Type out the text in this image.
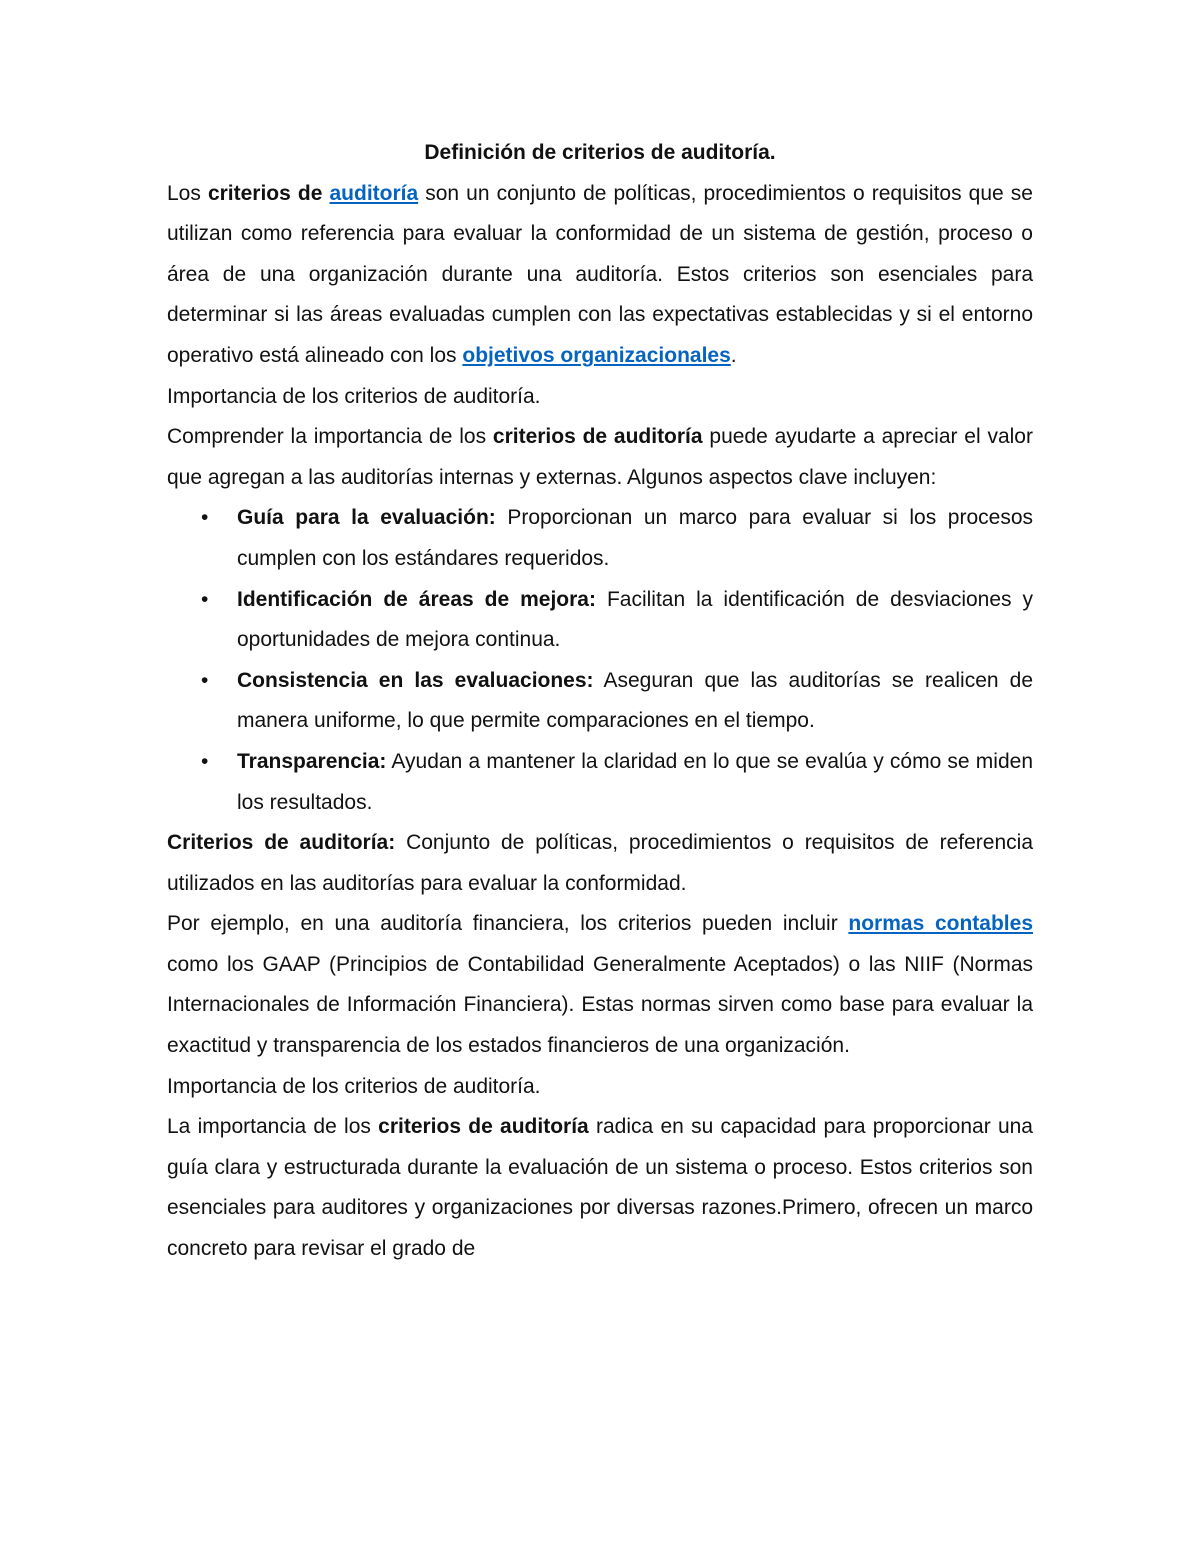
Definición de criterios de auditoría.

Los criterios de auditoría son un conjunto de políticas, procedimientos o requisitos que se utilizan como referencia para evaluar la conformidad de un sistema de gestión, proceso o área de una organización durante una auditoría. Estos criterios son esenciales para determinar si las áreas evaluadas cumplen con las expectativas establecidas y si el entorno operativo está alineado con los objetivos organizacionales.

Importancia de los criterios de auditoría.

Comprender la importancia de los criterios de auditoría puede ayudarte a apreciar el valor que agregan a las auditorías internas y externas. Algunos aspectos clave incluyen:

• Guía para la evaluación: Proporcionan un marco para evaluar si los procesos cumplen con los estándares requeridos.
• Identificación de áreas de mejora: Facilitan la identificación de desviaciones y oportunidades de mejora continua.
• Consistencia en las evaluaciones: Aseguran que las auditorías se realicen de manera uniforme, lo que permite comparaciones en el tiempo.
• Transparencia: Ayudan a mantener la claridad en lo que se evalúa y cómo se miden los resultados.

Criterios de auditoría: Conjunto de políticas, procedimientos o requisitos de referencia utilizados en las auditorías para evaluar la conformidad.

Por ejemplo, en una auditoría financiera, los criterios pueden incluir normas contables como los GAAP (Principios de Contabilidad Generalmente Aceptados) o las NIIF (Normas Internacionales de Información Financiera). Estas normas sirven como base para evaluar la exactitud y transparencia de los estados financieros de una organización.

Importancia de los criterios de auditoría.

La importancia de los criterios de auditoría radica en su capacidad para proporcionar una guía clara y estructurada durante la evaluación de un sistema o proceso. Estos criterios son esenciales para auditores y organizaciones por diversas razones.Primero, ofrecen un marco concreto para revisar el grado de
